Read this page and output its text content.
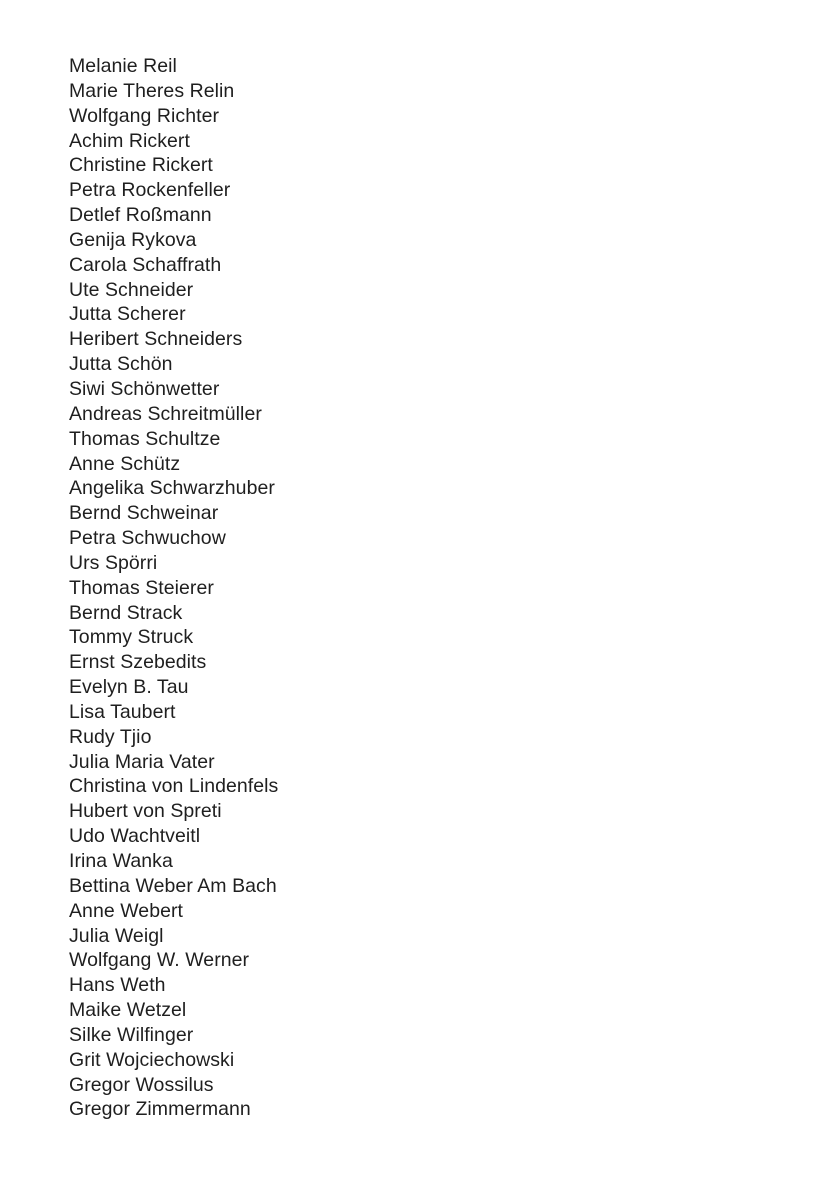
Melanie Reil
Marie Theres Relin
Wolfgang Richter
Achim Rickert
Christine Rickert
Petra Rockenfeller
Detlef Roßmann
Genija Rykova
Carola Schaffrath
Ute Schneider
Jutta Scherer
Heribert Schneiders
Jutta Schön
Siwi Schönwetter
Andreas Schreitmüller
Thomas Schultze
Anne Schütz
Angelika Schwarzhuber
Bernd Schweinar
Petra Schwuchow
Urs Spörri
Thomas Steierer
Bernd Strack
Tommy Struck
Ernst Szebedits
Evelyn B. Tau
Lisa Taubert
Rudy Tjio
Julia Maria Vater
Christina von Lindenfels
Hubert von Spreti
Udo Wachtveitl
Irina Wanka
Bettina Weber Am Bach
Anne Webert
Julia Weigl
Wolfgang W. Werner
Hans Weth
Maike Wetzel
Silke Wilfinger
Grit Wojciechowski
Gregor Wossilus
Gregor Zimmermann
